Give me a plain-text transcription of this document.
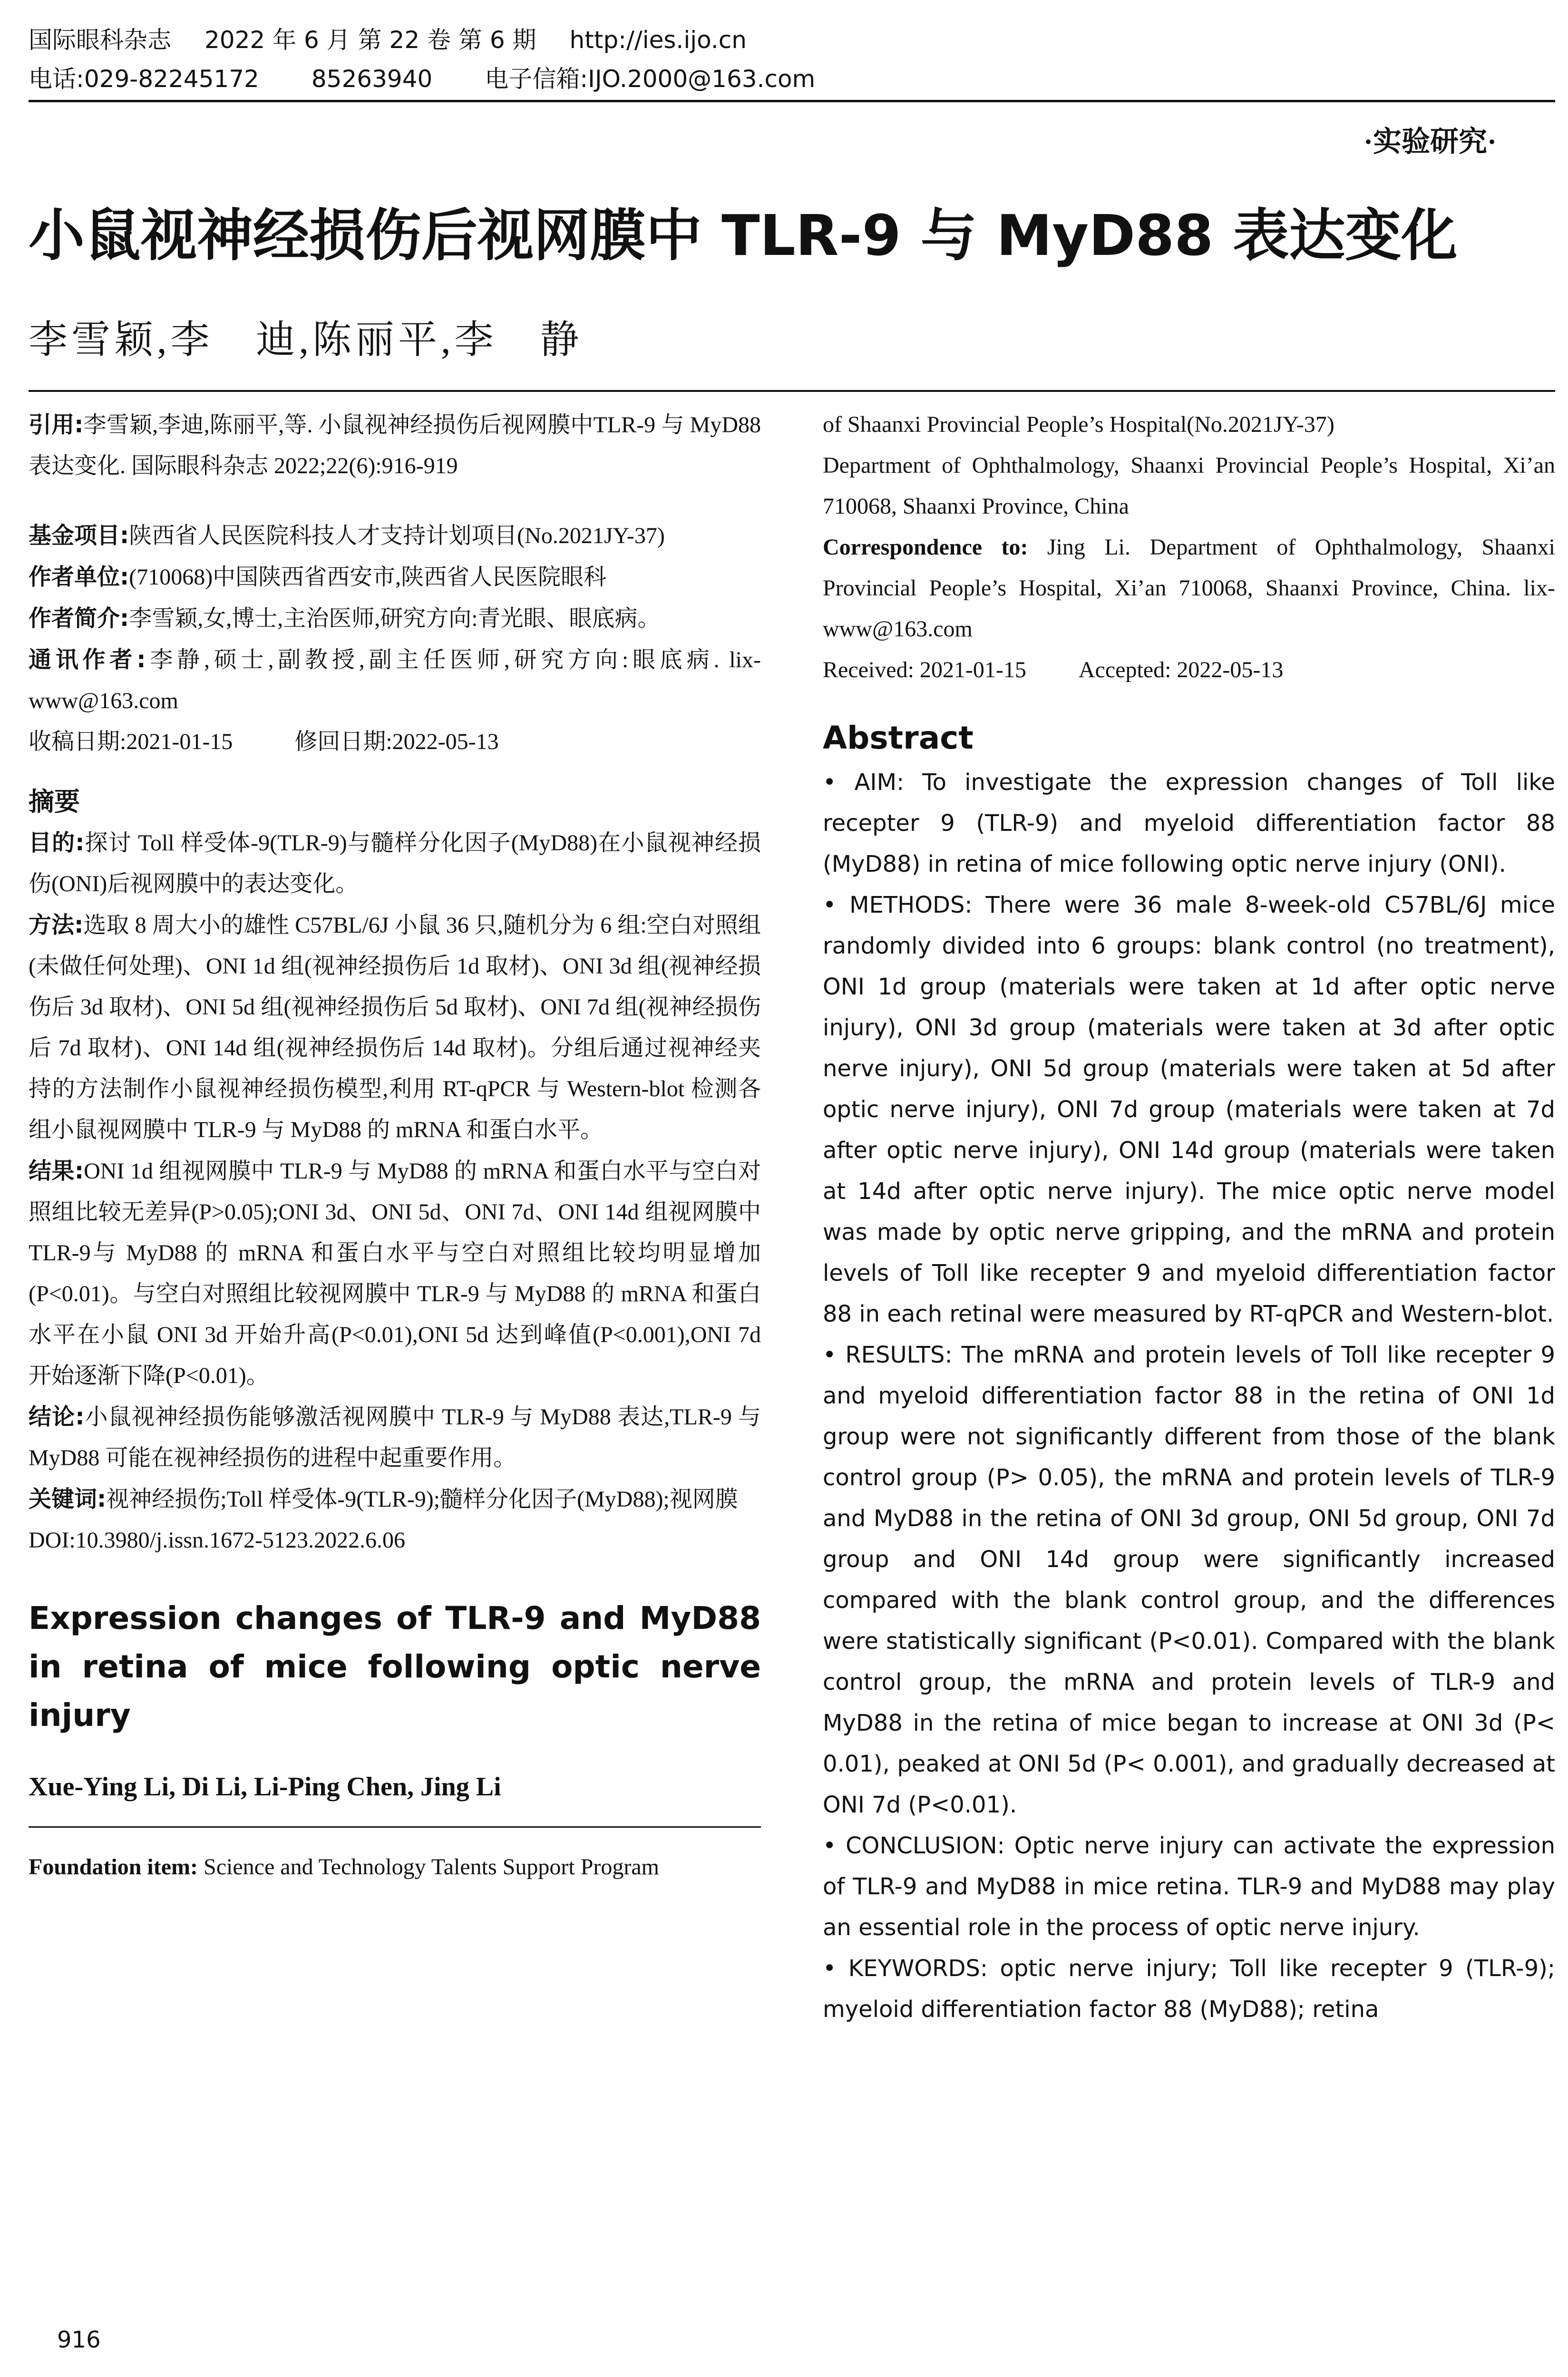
国际眼科杂志 2022 年 6 月 第 22 卷 第 6 期 http://ies.ijo.cn
电话:029-82245172 85263940 电子信箱:IJO.2000@163.com
·实验研究·
小鼠视神经损伤后视网膜中 TLR-9 与 MyD88 表达变化
李雪颖,李　迪,陈丽平,李　静

引用:李雪颖,李迪,陈丽平,等. 小鼠视神经损伤后视网膜中TLR-9 与 MyD88 表达变化. 国际眼科杂志 2022;22(6):916-919

基金项目:陕西省人民医院科技人才支持计划项目(No.2021JY-37)

作者单位:(710068)中国陕西省西安市,陕西省人民医院眼科

作者简介:李雪颖,女,博士,主治医师,研究方向:青光眼、眼底病。

通讯作者:李静,硕士,副教授,副主任医师,研究方向:眼底病. lix-www@163.com

收稿日期:2021-01-15	修回日期:2022-05-13

摘要

目的:探讨 Toll 样受体-9(TLR-9)与髓样分化因子(MyD88)在小鼠视神经损伤(ONI)后视网膜中的表达变化。

方法:选取 8 周大小的雄性 C57BL/6J 小鼠 36 只,随机分为 6 组:空白对照组(未做任何处理)、ONI 1d 组(视神经损伤后 1d 取材)、ONI 3d 组(视神经损伤后 3d 取材)、ONI 5d 组(视神经损伤后 5d 取材)、ONI 7d 组(视神经损伤后 7d 取材)、ONI 14d 组(视神经损伤后 14d 取材)。分组后通过视神经夹持的方法制作小鼠视神经损伤模型,利用 RT-qPCR 与 Western-blot 检测各组小鼠视网膜中 TLR-9 与 MyD88 的 mRNA 和蛋白水平。

结果:ONI 1d 组视网膜中 TLR-9 与 MyD88 的 mRNA 和蛋白水平与空白对照组比较无差异(P>0.05);ONI 3d、ONI 5d、ONI 7d、ONI 14d 组视网膜中TLR-9与 MyD88 的 mRNA 和蛋白水平与空白对照组比较均明显增加(P<0.01)。与空白对照组比较视网膜中 TLR-9 与 MyD88 的 mRNA 和蛋白水平在小鼠 ONI 3d 开始升高(P<0.01),ONI 5d 达到峰值(P<0.001),ONI 7d 开始逐渐下降(P<0.01)。

结论:小鼠视神经损伤能够激活视网膜中 TLR-9 与 MyD88 表达,TLR-9 与 MyD88 可能在视神经损伤的进程中起重要作用。

关键词:视神经损伤;Toll 样受体-9(TLR-9);髓样分化因子(MyD88);视网膜

DOI:10.3980/j.issn.1672-5123.2022.6.06

Expression changes of TLR-9 and MyD88 in retina of mice following optic nerve injury

Xue-Ying Li, Di Li, Li-Ping Chen, Jing Li

Foundation item: Science and Technology Talents Support Program

of Shaanxi Provincial People’s Hospital(No.2021JY-37)

Department of Ophthalmology, Shaanxi Provincial People’s Hospital, Xi’an 710068, Shaanxi Province, China

Correspondence to: Jing Li. Department of Ophthalmology, Shaanxi Provincial People’s Hospital, Xi’an 710068, Shaanxi Province, China. lix-www@163.com

Received: 2021-01-15 Accepted: 2022-05-13

Abstract

• AIM: To investigate the expression changes of Toll like recepter 9 (TLR-9) and myeloid differentiation factor 88 (MyD88) in retina of mice following optic nerve injury (ONI).

• METHODS: There were 36 male 8-week-old C57BL/6J mice randomly divided into 6 groups: blank control (no treatment), ONI 1d group (materials were taken at 1d after optic nerve injury), ONI 3d group (materials were taken at 3d after optic nerve injury), ONI 5d group (materials were taken at 5d after optic nerve injury), ONI 7d group (materials were taken at 7d after optic nerve injury), ONI 14d group (materials were taken at 14d after optic nerve injury). The mice optic nerve model was made by optic nerve gripping, and the mRNA and protein levels of Toll like recepter 9 and myeloid differentiation factor 88 in each retinal were measured by RT-qPCR and Western-blot.

• RESULTS: The mRNA and protein levels of Toll like recepter 9 and myeloid differentiation factor 88 in the retina of ONI 1d group were not significantly different from those of the blank control group (P> 0.05), the mRNA and protein levels of TLR-9 and MyD88 in the retina of ONI 3d group, ONI 5d group, ONI 7d group and ONI 14d group were significantly increased compared with the blank control group, and the differences were statistically significant (P<0.01). Compared with the blank control group, the mRNA and protein levels of TLR-9 and MyD88 in the retina of mice began to increase at ONI 3d (P< 0.01), peaked at ONI 5d (P< 0.001), and gradually decreased at ONI 7d (P<0.01).

• CONCLUSION: Optic nerve injury can activate the expression of TLR-9 and MyD88 in mice retina. TLR-9 and MyD88 may play an essential role in the process of optic nerve injury.

• KEYWORDS: optic nerve injury; Toll like recepter 9 (TLR-9); myeloid differentiation factor 88 (MyD88); retina

916
